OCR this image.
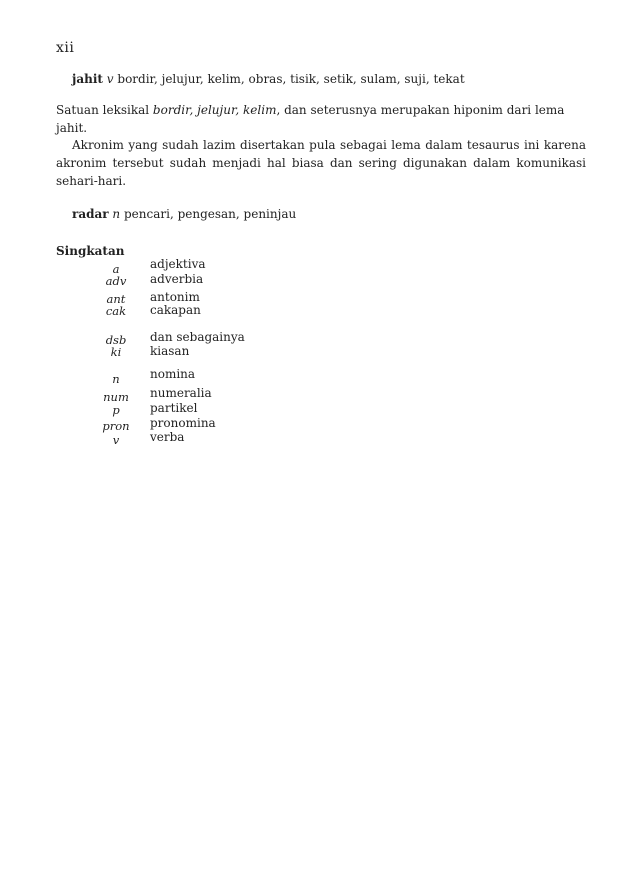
xii
jahit v bordir, jelujur, kelim, obras, tisik, setik, sulam, suji, tekat
Satuan leksikal bordir, jelujur, kelim, dan seterusnya merupakan hiponim dari lema jahit.
Akronim yang sudah lazim disertakan pula sebagai lema dalam tesaurus ini karena akronim tersebut sudah menjadi hal biasa dan sering digunakan dalam komunikasi sehari-hari.
radar n pencari, pengesan, peninjau
Singkatan
a	adjektiva
adv	adverbia
ant	antonim
cak	cakapan
dsb	dan sebagainya
ki	kiasan
n	nomina
num	numeralia
p	partikel
pron	pronomina
v	verba
